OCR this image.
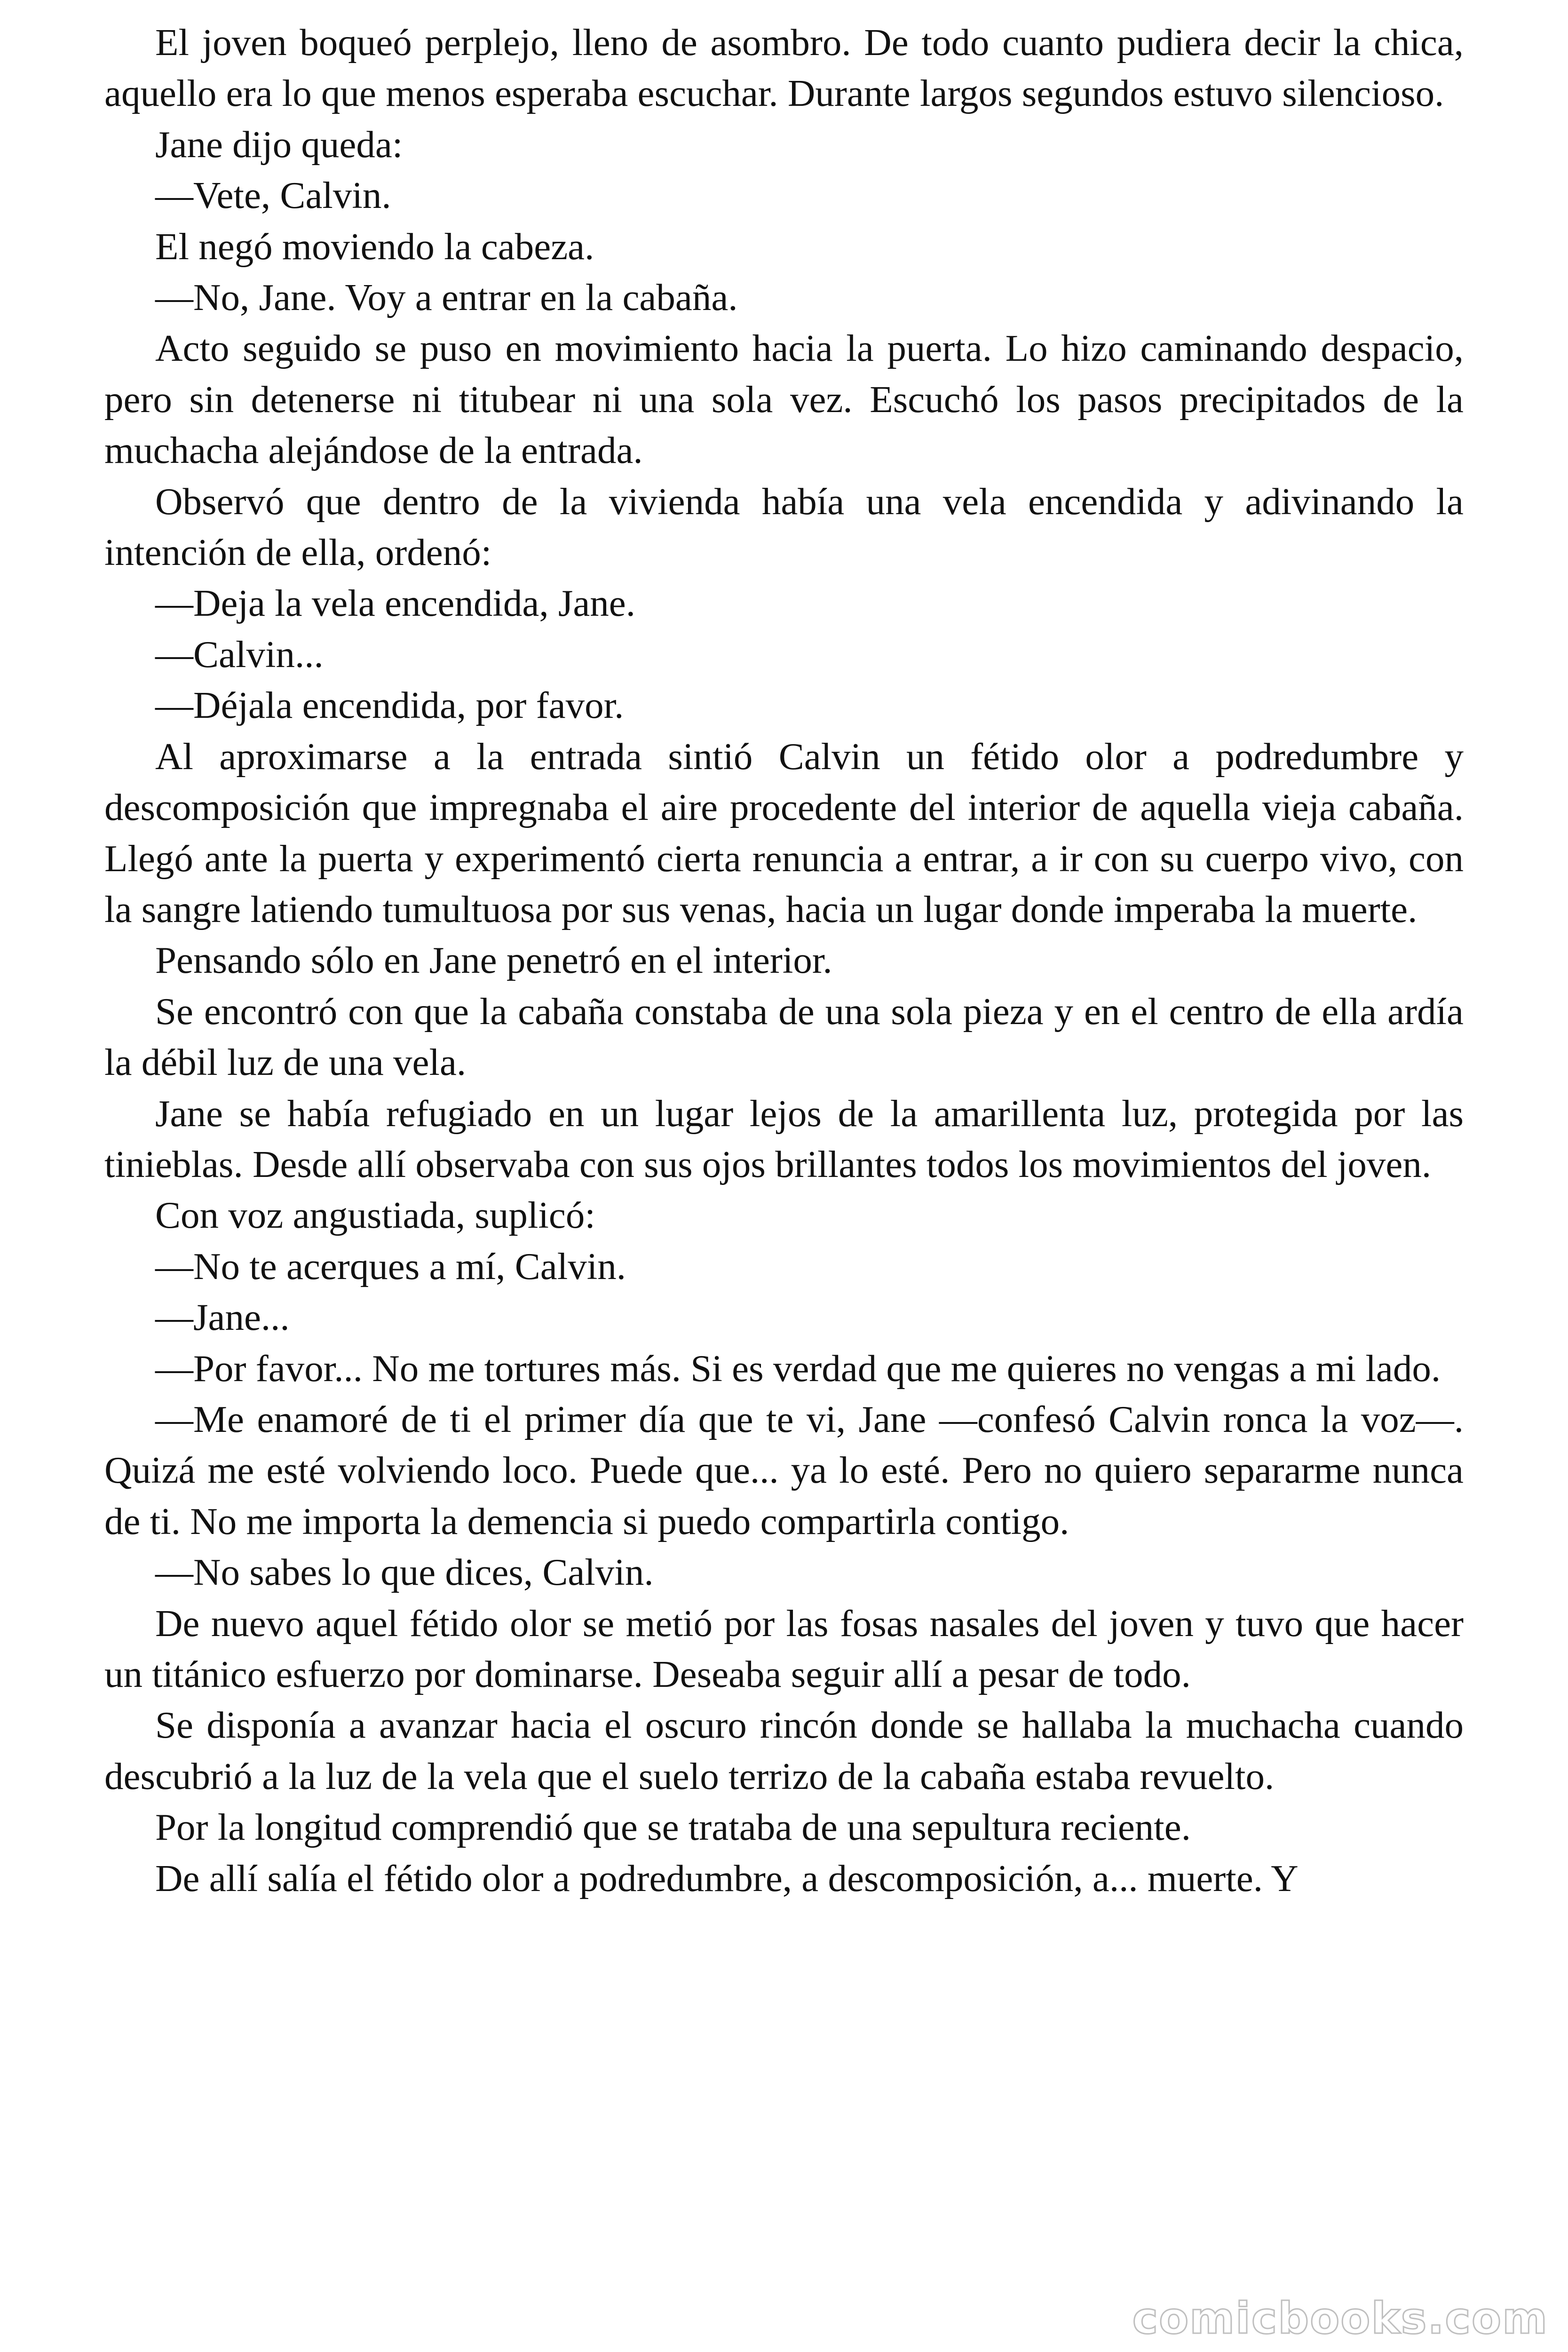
El joven boqueó perplejo, lleno de asombro. De todo cuanto pudiera decir la chica, aquello era lo que menos esperaba escuchar. Durante largos segundos estuvo silencioso.

Jane dijo queda:

—Vete, Calvin.

El negó moviendo la cabeza.

—No, Jane. Voy a entrar en la cabaña.

Acto seguido se puso en movimiento hacia la puerta. Lo hizo caminando despacio, pero sin detenerse ni titubear ni una sola vez. Escuchó los pasos precipitados de la muchacha alejándose de la entrada.

Observó que dentro de la vivienda había una vela encendida y adivinando la intención de ella, ordenó:

—Deja la vela encendida, Jane.

—Calvin...

—Déjala encendida, por favor.

Al aproximarse a la entrada sintió Calvin un fétido olor a podredumbre y descomposición que impregnaba el aire procedente del interior de aquella vieja cabaña. Llegó ante la puerta y experimentó cierta renuncia a entrar, a ir con su cuerpo vivo, con la sangre latiendo tumultuosa por sus venas, hacia un lugar donde imperaba la muerte.

Pensando sólo en Jane penetró en el interior.

Se encontró con que la cabaña constaba de una sola pieza y en el centro de ella ardía la débil luz de una vela.

Jane se había refugiado en un lugar lejos de la amarillenta luz, protegida por las tinieblas. Desde allí observaba con sus ojos brillantes todos los movimientos del joven.

Con voz angustiada, suplicó:

—No te acerques a mí, Calvin.

—Jane...

—Por favor... No me tortures más. Si es verdad que me quieres no vengas a mi lado.

—Me enamoré de ti el primer día que te vi, Jane —confesó Calvin ronca la voz—. Quizá me esté volviendo loco. Puede que... ya lo esté. Pero no quiero separarme nunca de ti. No me importa la demencia si puedo compartirla contigo.

—No sabes lo que dices, Calvin.

De nuevo aquel fétido olor se metió por las fosas nasales del joven y tuvo que hacer un titánico esfuerzo por dominarse. Deseaba seguir allí a pesar de todo.

Se disponía a avanzar hacia el oscuro rincón donde se hallaba la muchacha cuando descubrió a la luz de la vela que el suelo terrizo de la cabaña estaba revuelto.

Por la longitud comprendió que se trataba de una sepultura reciente.

De allí salía el fétido olor a podredumbre, a descomposición, a... muerte. Y

comicbooks.com
